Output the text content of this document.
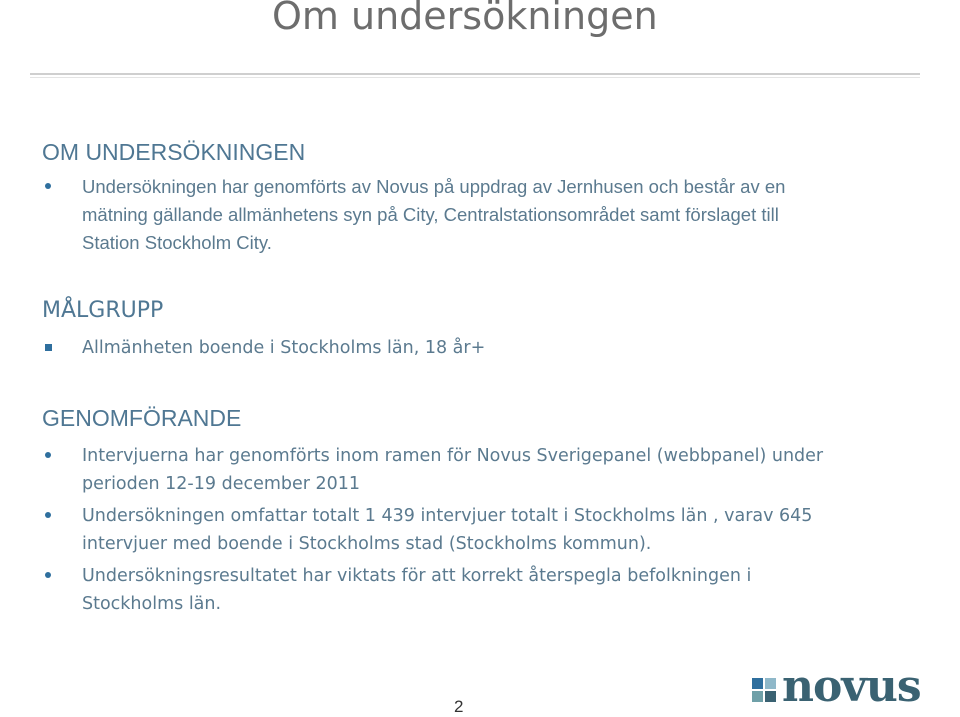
Om undersökningen
OM UNDERSÖKNINGEN
Undersökningen har genomförts av Novus på uppdrag av Jernhusen och består av en mätning gällande allmänhetens syn på City, Centralstationsområdet samt förslaget till Station Stockholm City.
MÅLGRUPP
Allmänheten boende i Stockholms län, 18 år+
GENOMFÖRANDE
Intervjuerna har genomförts inom ramen för Novus Sverigepanel (webbpanel) under perioden 12-19 december 2011
Undersökningen omfattar totalt 1 439 intervjuer totalt i Stockholms län , varav 645 intervjuer med boende i Stockholms stad (Stockholms kommun).
Undersökningsresultatet har viktats för att korrekt återspegla befolkningen i Stockholms län.
2	novus
